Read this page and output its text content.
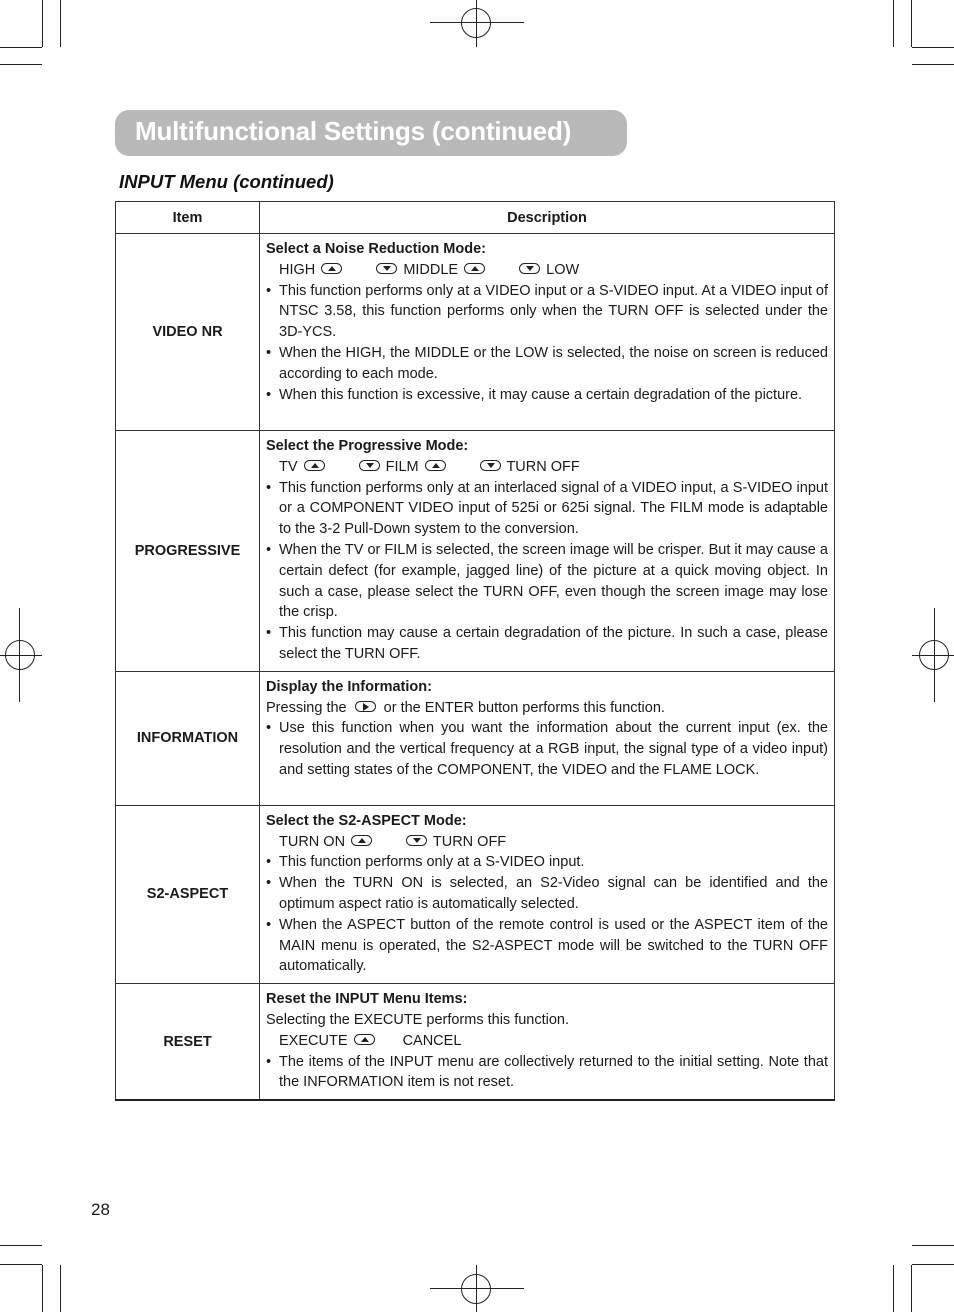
Multifunctional Settings (continued)
INPUT Menu (continued)
Item	Description
VIDEO NR	Select a Noise Reduction Mode:
HIGH MIDDLE LOW
• This function performs only at a VIDEO input or a S-VIDEO input. At a VIDEO input of NTSC 3.58, this function performs only when the TURN OFF is selected under the 3D-YCS.
• When the HIGH, the MIDDLE or the LOW is selected, the noise on screen is reduced according to each mode.
• When this function is excessive, it may cause a certain degradation of the picture.

PROGRESSIVE	Select the Progressive Mode:
TV FILM TURN OFF
• This function performs only at an interlaced signal of a VIDEO input, a S-VIDEO input or a COMPONENT VIDEO input of 525i or 625i signal. The FILM mode is adaptable to the 3-2 Pull-Down system to the conversion.
• When the TV or FILM is selected, the screen image will be crisper. But it may cause a certain defect (for example, jagged line) of the picture at a quick moving object. In such a case, please select the TURN OFF, even though the screen image may lose the crisp.
• This function may cause a certain degradation of the picture. In such a case, please select the TURN OFF.

INFORMATION	Display the Information:
Pressing the or the ENTER button performs this function.
• Use this function when you want the information about the current input (ex. the resolution and the vertical frequency at a RGB input, the signal type of a video input) and setting states of the COMPONENT, the VIDEO and the FLAME LOCK.

S2-ASPECT	Select the S2-ASPECT Mode:
TURN ON TURN OFF
• This function performs only at a S-VIDEO input.
• When the TURN ON is selected, an S2-Video signal can be identified and the optimum aspect ratio is automatically selected.
• When the ASPECT button of the remote control is used or the ASPECT item of the MAIN menu is operated, the S2-ASPECT mode will be switched to the TURN OFF automatically.

RESET	Reset the INPUT Menu Items:
Selecting the EXECUTE performs this function.
EXECUTE CANCEL
• The items of the INPUT menu are collectively returned to the initial setting. Note that the INFORMATION item is not reset.
28
